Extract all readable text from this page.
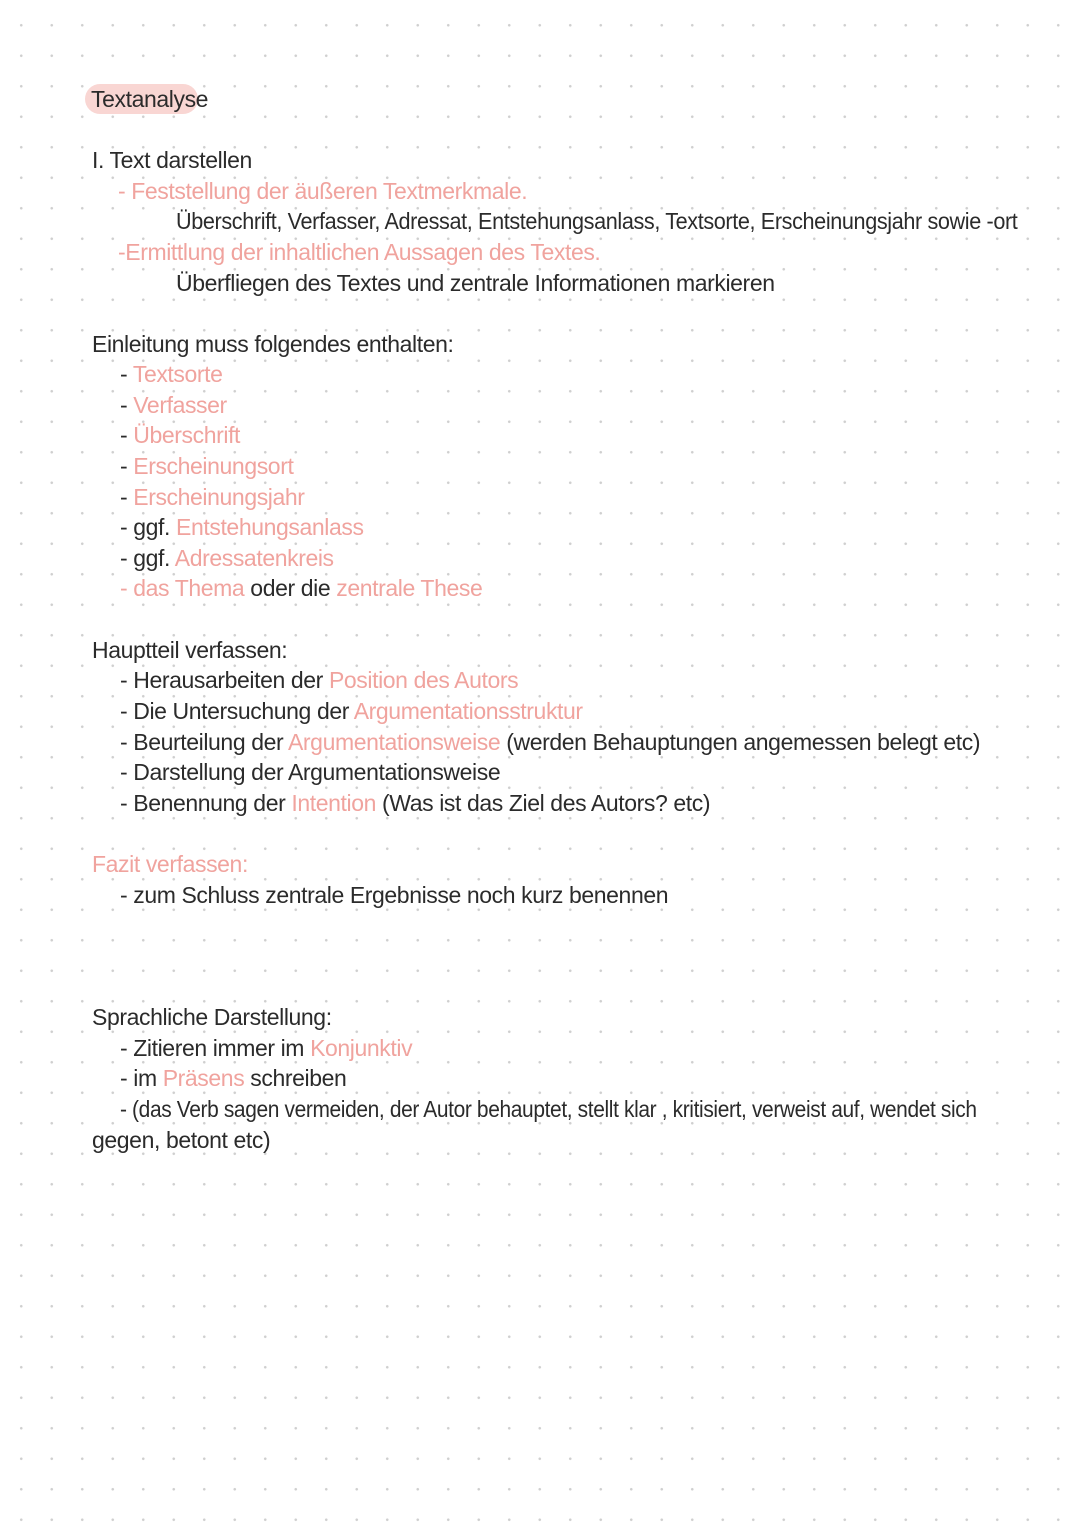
Textanalyse
I. Text darstellen
- Feststellung der äußeren Textmerkmale.
Überschrift, Verfasser, Adressat, Entstehungsanlass, Textsorte, Erscheinungsjahr sowie -ort
-Ermittlung der inhaltlichen Aussagen des Textes.
Überfliegen des Textes und zentrale Informationen markieren
Einleitung muss folgendes enthalten:
- Textsorte
- Verfasser
- Überschrift
- Erscheinungsort
- Erscheinungsjahr
- ggf. Entstehungsanlass
- ggf. Adressatenkreis
- das Thema oder die zentrale These
Hauptteil verfassen:
- Herausarbeiten der Position des Autors
- Die Untersuchung der Argumentationsstruktur
- Beurteilung der Argumentationsweise (werden Behauptungen angemessen belegt etc)
- Darstellung der Argumentationsweise
- Benennung der Intention (Was ist das Ziel des Autors? etc)
Fazit verfassen:
- zum Schluss zentrale Ergebnisse noch kurz benennen
Sprachliche Darstellung:
- Zitieren immer im Konjunktiv
- im Präsens schreiben
- (das Verb sagen vermeiden, der Autor behauptet, stellt klar , kritisiert, verweist auf, wendet sich
gegen, betont etc)
